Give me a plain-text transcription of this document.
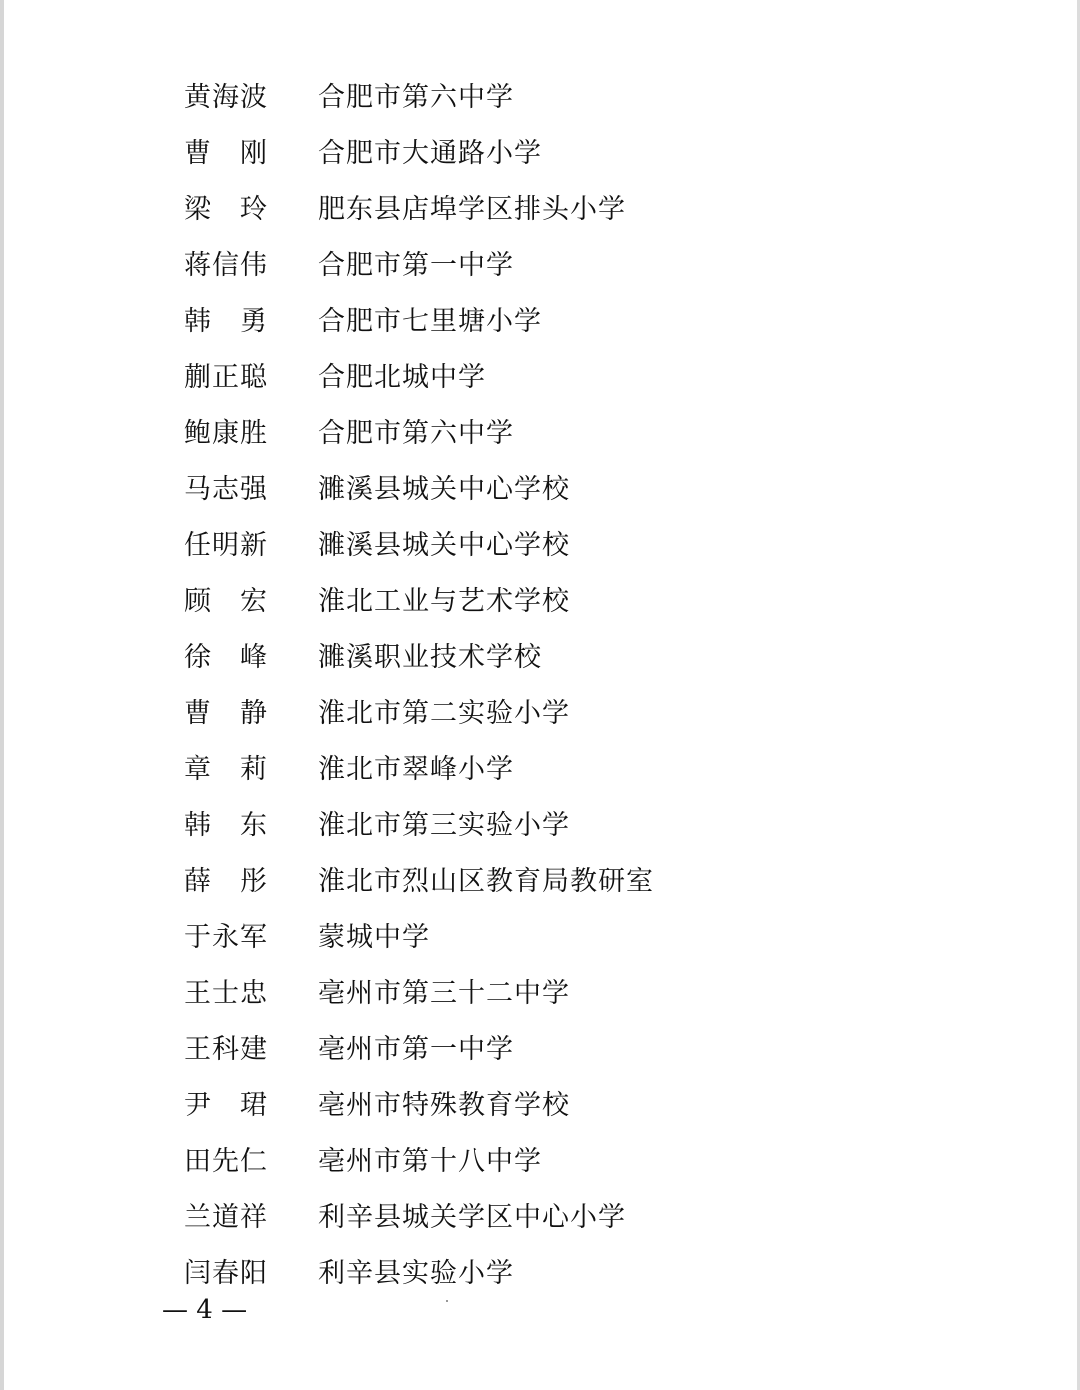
黄海波	合肥市第六中学
曹　刚	合肥市大通路小学
梁　玲	肥东县店埠学区排头小学
蒋信伟	合肥市第一中学
韩　勇	合肥市七里塘小学
蒯正聪	合肥北城中学
鲍康胜	合肥市第六中学
马志强	濉溪县城关中心学校
任明新	濉溪县城关中心学校
顾　宏	淮北工业与艺术学校
徐　峰	濉溪职业技术学校
曹　静	淮北市第二实验小学
章　莉	淮北市翠峰小学
韩　东	淮北市第三实验小学
薛　彤	淮北市烈山区教育局教研室
于永军	蒙城中学
王士忠	亳州市第三十二中学
王科建	亳州市第一中学
尹　珺	亳州市特殊教育学校
田先仁	亳州市第十八中学
兰道祥	利辛县城关学区中心小学
闫春阳	利辛县实验小学
— 4 —
